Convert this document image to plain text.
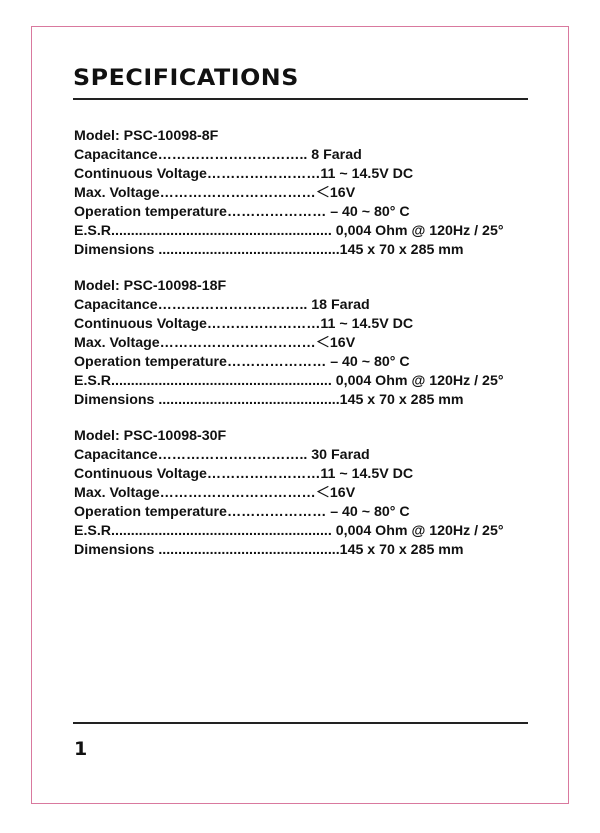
SPECIFICATIONS
Model: PSC-10098-8F
Capacitance………………………….. 8 Farad
Continuous Voltage……………………11 ~ 14.5V DC
Max. Voltage……………………………＜16V
Operation temperature………………… – 40 ~ 80° C
E.S.R........................................................ 0,004 Ohm @ 120Hz / 25°
Dimensions ..............................................145 x 70 x 285 mm
Model: PSC-10098-18F
Capacitance………………………….. 18 Farad
Continuous Voltage……………………11 ~ 14.5V DC
Max. Voltage……………………………＜16V
Operation temperature………………… – 40 ~ 80° C
E.S.R........................................................ 0,004 Ohm @ 120Hz / 25°
Dimensions ..............................................145 x 70 x 285 mm
Model: PSC-10098-30F
Capacitance………………………….. 30 Farad
Continuous Voltage……………………11 ~ 14.5V DC
Max. Voltage……………………………＜16V
Operation temperature………………… – 40 ~ 80° C
E.S.R........................................................ 0,004 Ohm @ 120Hz / 25°
Dimensions ..............................................145 x 70 x 285 mm
1
